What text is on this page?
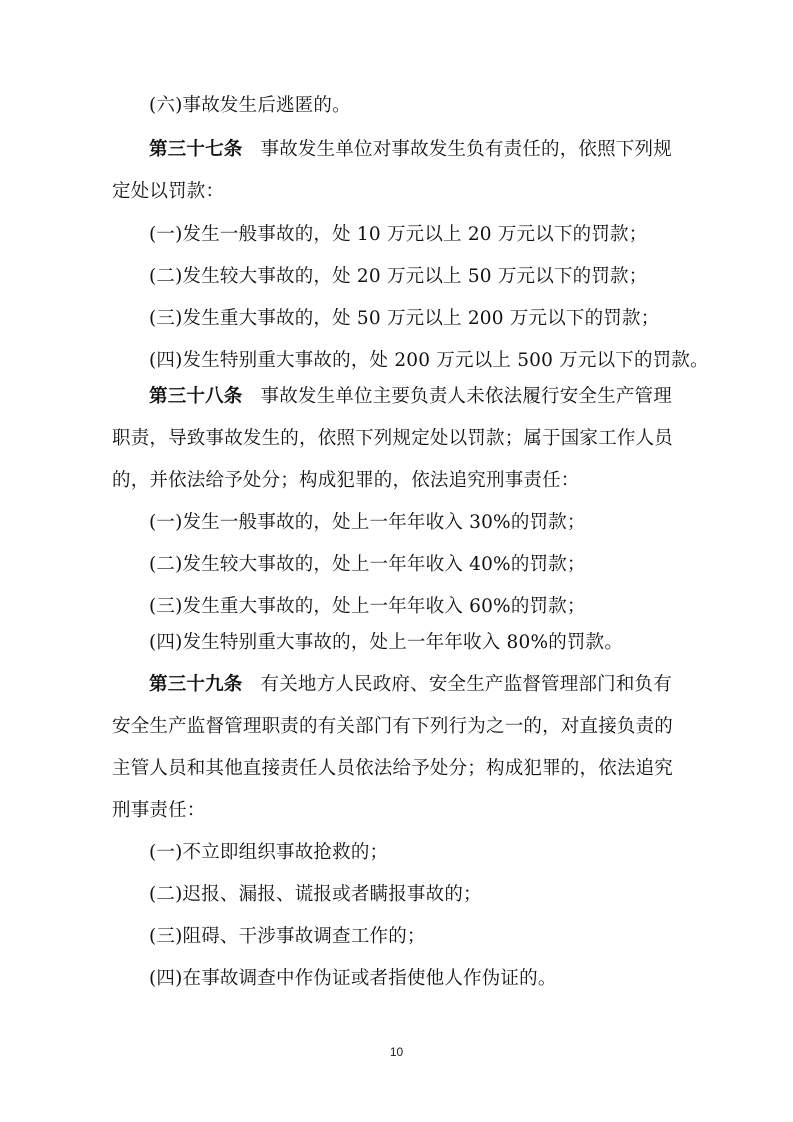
(六)事故发生后逃匿的。
第三十七条 事故发生单位对事故发生负有责任的，依照下列规
定处以罚款：
(一)发生一般事故的，处 10 万元以上 20 万元以下的罚款；
(二)发生较大事故的，处 20 万元以上 50 万元以下的罚款；
(三)发生重大事故的，处 50 万元以上 200 万元以下的罚款；
(四)发生特别重大事故的，处 200 万元以上 500 万元以下的罚款。
第三十八条 事故发生单位主要负责人未依法履行安全生产管理
职责，导致事故发生的，依照下列规定处以罚款；属于国家工作人员
的，并依法给予处分；构成犯罪的，依法追究刑事责任：
(一)发生一般事故的，处上一年年收入 30%的罚款；
(二)发生较大事故的，处上一年年收入 40%的罚款；
(三)发生重大事故的，处上一年年收入 60%的罚款；
(四)发生特别重大事故的，处上一年年收入 80%的罚款。
第三十九条 有关地方人民政府、安全生产监督管理部门和负有
安全生产监督管理职责的有关部门有下列行为之一的，对直接负责的
主管人员和其他直接责任人员依法给予处分；构成犯罪的，依法追究
刑事责任：
(一)不立即组织事故抢救的；
(二)迟报、漏报、谎报或者瞒报事故的；
(三)阻碍、干涉事故调查工作的；
(四)在事故调查中作伪证或者指使他人作伪证的。
10
